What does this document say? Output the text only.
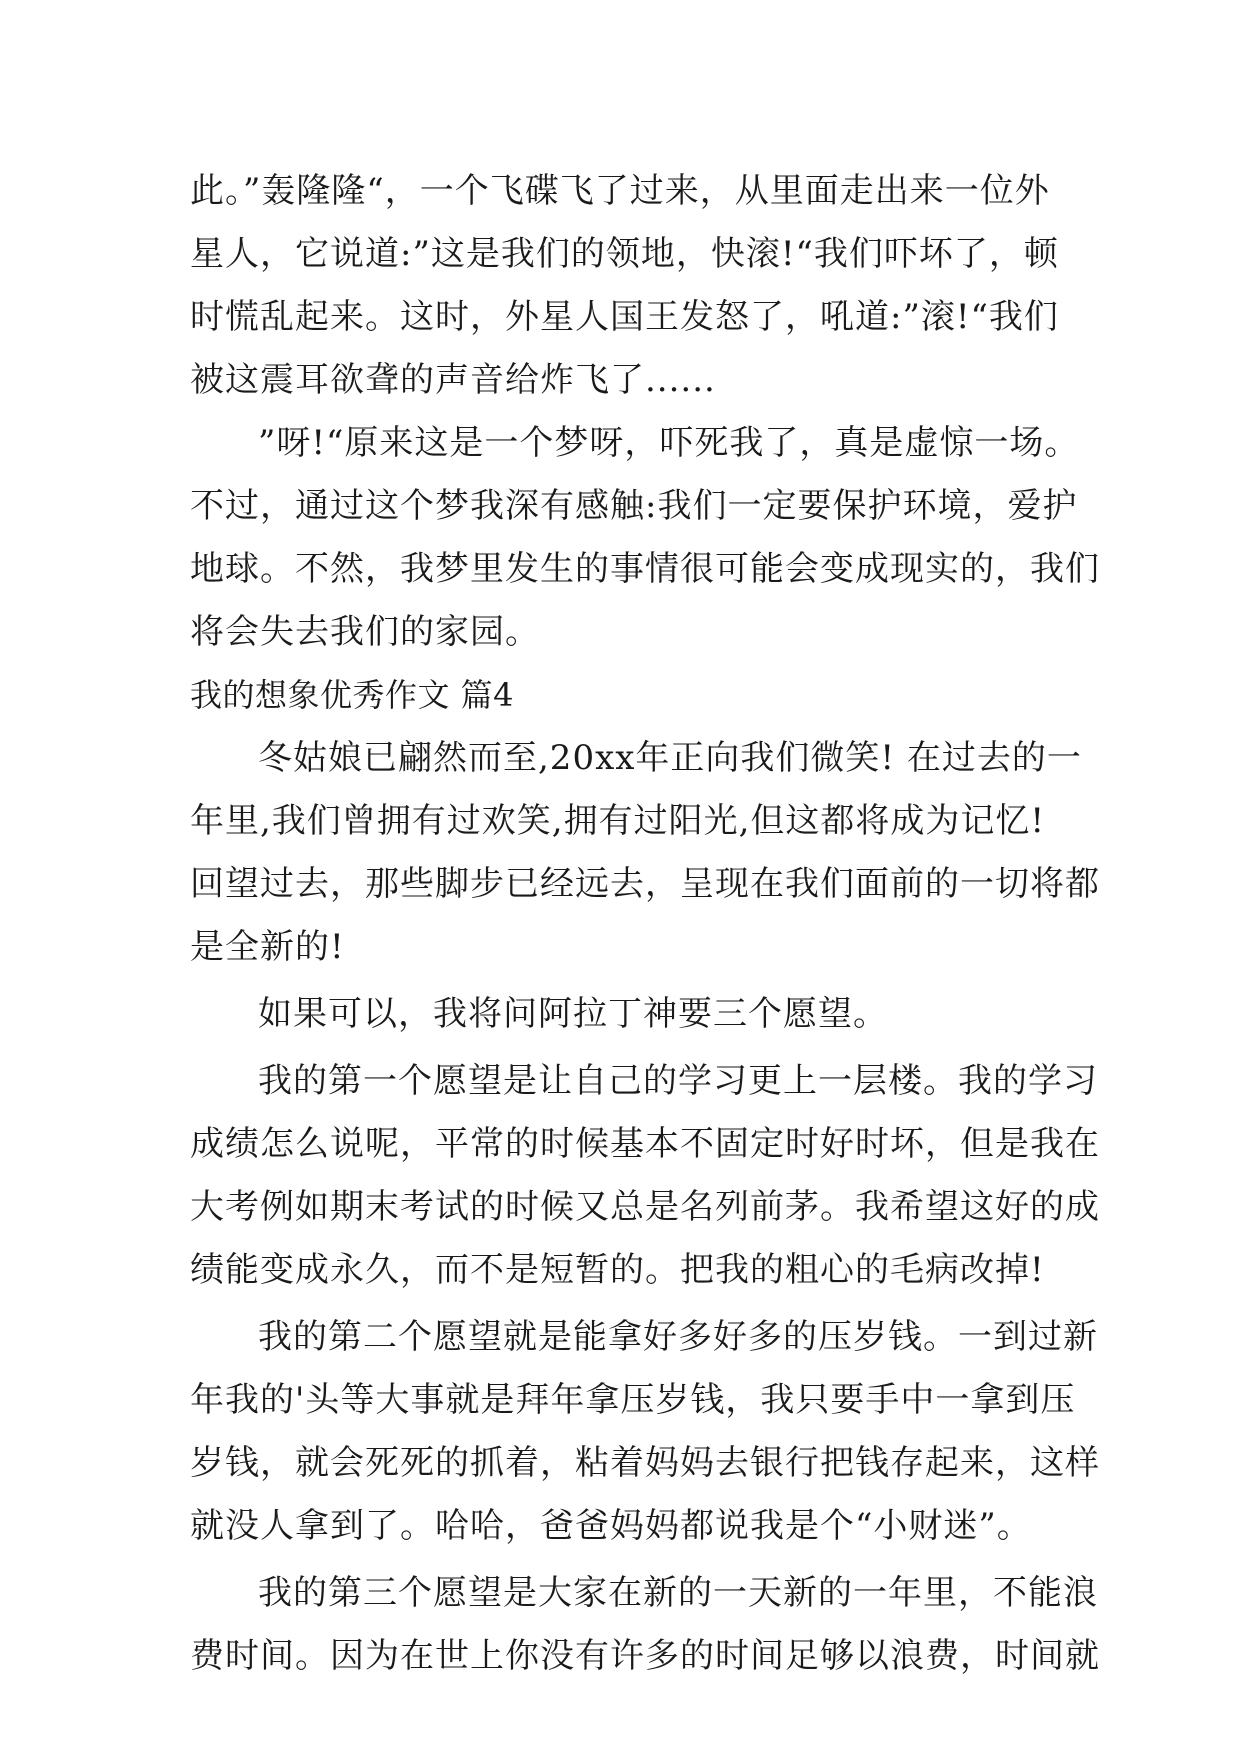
此。”轰隆隆“，一个飞碟飞了过来，从里面走出来一位外
星人，它说道:”这是我们的领地，快滚!“我们吓坏了，顿
时慌乱起来。这时，外星人国王发怒了，吼道:”滚!“我们
被这震耳欲聋的声音给炸飞了......
”呀!“原来这是一个梦呀，吓死我了，真是虚惊一场。
不过，通过这个梦我深有感触:我们一定要保护环境，爱护
地球。不然，我梦里发生的事情很可能会变成现实的，我们
将会失去我们的家园。
我的想象优秀作文 篇4
冬姑娘已翩然而至,20xx年正向我们微笑! 在过去的一
年里,我们曾拥有过欢笑,拥有过阳光,但这都将成为记忆!
回望过去，那些脚步已经远去，呈现在我们面前的一切将都
是全新的!
如果可以，我将问阿拉丁神要三个愿望。
我的第一个愿望是让自己的学习更上一层楼。我的学习
成绩怎么说呢，平常的时候基本不固定时好时坏，但是我在
大考例如期末考试的时候又总是名列前茅。我希望这好的成
绩能变成永久，而不是短暂的。把我的粗心的毛病改掉!
我的第二个愿望就是能拿好多好多的压岁钱。一到过新
年我的'头等大事就是拜年拿压岁钱，我只要手中一拿到压
岁钱，就会死死的抓着，粘着妈妈去银行把钱存起来，这样
就没人拿到了。哈哈，爸爸妈妈都说我是个“小财迷”。
我的第三个愿望是大家在新的一天新的一年里，不能浪
费时间。因为在世上你没有许多的时间足够以浪费，时间就
